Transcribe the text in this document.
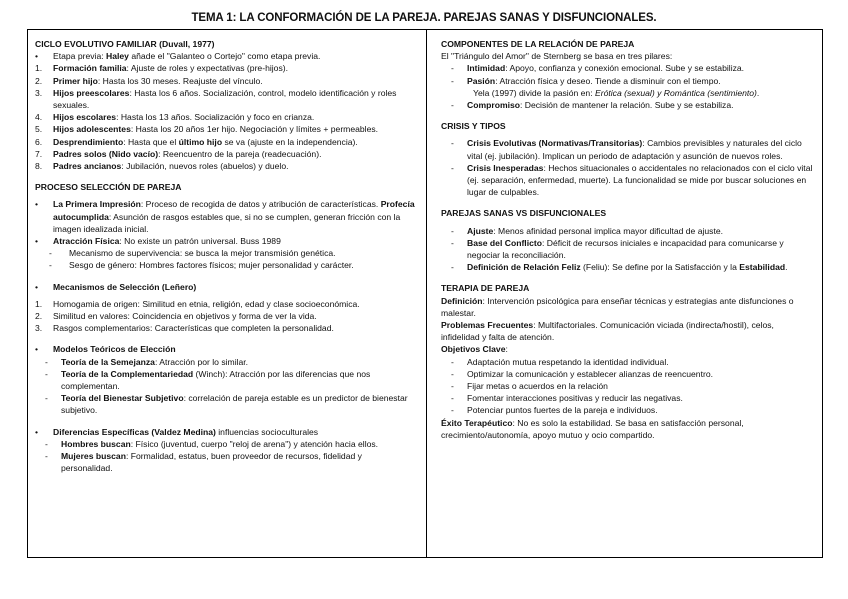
TEMA 1: LA CONFORMACIÓN DE LA PAREJA. PAREJAS SANAS Y DISFUNCIONALES.

CICLO EVOLUTIVO FAMILIAR (Duvall, 1977)

•	Etapa previa: Haley añade el "Galanteo o Cortejo" como etapa previa.

1.	Formación familia: Ajuste de roles y expectativas (pre-hijos).

2.	Primer hijo: Hasta los 30 meses. Reajuste del vínculo.

3.	Hijos preescolares: Hasta los 6 años. Socialización, control, modelo identificación y roles sexuales.

4.	Hijos escolares: Hasta los 13 años. Socialización y foco en crianza.

5.	Hijos adolescentes: Hasta los 20 años 1er hijo. Negociación y límites + permeables.

6.	Desprendimiento: Hasta que el último hijo se va (ajuste en la independencia).

7.	Padres solos (Nido vacío): Reencuentro de la pareja (readecuación).

8.	Padres ancianos: Jubilación, nuevos roles (abuelos) y duelo.

PROCESO SELECCIÓN DE PAREJA

•
La Primera Impresión: Proceso de recogida de datos y atribución de características. Profecía autocumplida: Asunción de rasgos estables que, si no se cumplen, generan fricción con la imagen idealizada inicial.

•
Atracción Física: No existe un patrón universal. Buss 1989

-	Mecanismo de supervivencia: se busca la mejor transmisión genética.

-	Sesgo de género: Hombres factores físicos; mujer personalidad y carácter.

•
Mecanismos de Selección (Leñero)

1.	Homogamia de origen: Similitud en etnia, religión, edad y clase socioeconómica.

2.	Similitud en valores: Coincidencia en objetivos y forma de ver la vida.

3.	Rasgos complementarios: Características que completen la personalidad.

•
Modelos Teóricos de Elección

-	Teoría de la Semejanza: Atracción por lo similar.

-	Teoría de la Complementariedad (Winch): Atracción por las diferencias que nos complementan.

-	Teoría del Bienestar Subjetivo: correlación de pareja estable es un predictor de bienestar subjetivo.

•
Diferencias Específicas (Valdez Medina) influencias socioculturales

-	Hombres buscan: Físico (juventud, cuerpo "reloj de arena") y atención hacia ellos.

-	Mujeres buscan: Formalidad, estatus, buen proveedor de recursos, fidelidad y personalidad.

COMPONENTES DE LA RELACIÓN DE PAREJA

El "Triángulo del Amor" de Sternberg se basa en tres pilares:

-	Intimidad: Apoyo, confianza y conexión emocional. Sube y se estabiliza.

-	Pasión: Atracción física y deseo. Tiende a disminuir con el tiempo.

Yela (1997) divide la pasión en: Erótica (sexual) y Romántica (sentimiento).

-	Compromiso: Decisión de mantener la relación. Sube y se estabiliza.

CRISIS Y TIPOS

-	Crisis Evolutivas (Normativas/Transitorias): Cambios previsibles y naturales del ciclo vital (ej. jubilación). Implican un periodo de adaptación y asunción de nuevos roles.

-	Crisis Inesperadas: Hechos situacionales o accidentales no relacionados con el ciclo vital (ej. separación, enfermedad, muerte). La funcionalidad se mide por buscar soluciones en lugar de culpables.

PAREJAS SANAS VS DISFUNCIONALES

-	Ajuste: Menos afinidad personal implica mayor dificultad de ajuste.

-	Base del Conflicto: Déficit de recursos iniciales e incapacidad para comunicarse y negociar la reconciliación.

-	Definición de Relación Feliz (Feliu): Se define por la Satisfacción y la Estabilidad.

TERAPIA DE PAREJA

Definición: Intervención psicológica para enseñar técnicas y estrategias ante disfunciones o malestar.

Problemas Frecuentes: Multifactoriales. Comunicación viciada (indirecta/hostil), celos, infidelidad y falta de atención.

Objetivos Clave:

-	Adaptación mutua respetando la identidad individual.

-	Optimizar la comunicación y establecer alianzas de reencuentro.

-	Fijar metas o acuerdos en la relación

-	Fomentar interacciones positivas y reducir las negativas.

-	Potenciar puntos fuertes de la pareja e individuos.

Éxito Terapéutico: No es solo la estabilidad. Se basa en satisfacción personal, crecimiento/autonomía, apoyo mutuo y ocio compartido.
